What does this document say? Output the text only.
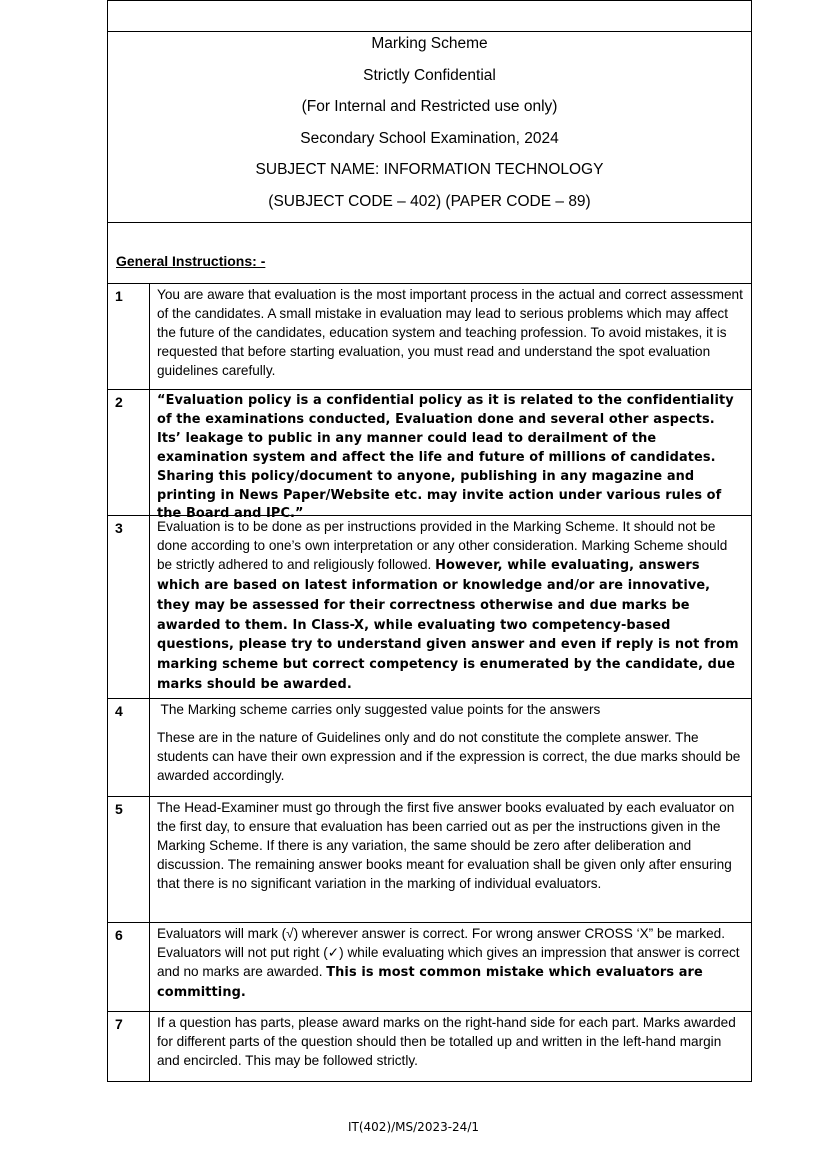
Marking Scheme
Strictly Confidential
(For Internal and Restricted use only)
Secondary School Examination, 2024
SUBJECT NAME: INFORMATION TECHNOLOGY
(SUBJECT CODE – 402) (PAPER CODE – 89)
General Instructions: -
1	You are aware that evaluation is the most important process in the actual and correct assessment of the candidates. A small mistake in evaluation may lead to serious problems which may affect the future of the candidates, education system and teaching profession. To avoid mistakes, it is requested that before starting evaluation, you must read and understand the spot evaluation guidelines carefully.
2	“Evaluation policy is a confidential policy as it is related to the confidentiality of the examinations conducted, Evaluation done and several other aspects. Its’ leakage to public in any manner could lead to derailment of the examination system and affect the life and future of millions of candidates. Sharing this policy/document to anyone, publishing in any magazine and printing in News Paper/Website etc. may invite action under various rules of the Board and IPC.”
3	Evaluation is to be done as per instructions provided in the Marking Scheme. It should not be done according to one’s own interpretation or any other consideration. Marking Scheme should be strictly adhered to and religiously followed. However, while evaluating, answers which are based on latest information or knowledge and/or are innovative, they may be assessed for their correctness otherwise and due marks be awarded to them. In Class-X, while evaluating two competency-based questions, please try to understand given answer and even if reply is not from marking scheme but correct competency is enumerated by the candidate, due marks should be awarded.
4	The Marking scheme carries only suggested value points for the answers

These are in the nature of Guidelines only and do not constitute the complete answer. The students can have their own expression and if the expression is correct, the due marks should be awarded accordingly.

5	The Head-Examiner must go through the first five answer books evaluated by each evaluator on the first day, to ensure that evaluation has been carried out as per the instructions given in the Marking Scheme. If there is any variation, the same should be zero after deliberation and discussion. The remaining answer books meant for evaluation shall be given only after ensuring that there is no significant variation in the marking of individual evaluators.
6	Evaluators will mark (√) wherever answer is correct. For wrong answer CROSS ‘X” be marked. Evaluators will not put right (✓) while evaluating which gives an impression that answer is correct and no marks are awarded. This is most common mistake which evaluators are committing.
7	If a question has parts, please award marks on the right-hand side for each part. Marks awarded for different parts of the question should then be totalled up and written in the left-hand margin and encircled. This may be followed strictly.
IT(402)/MS/2023-24/1
